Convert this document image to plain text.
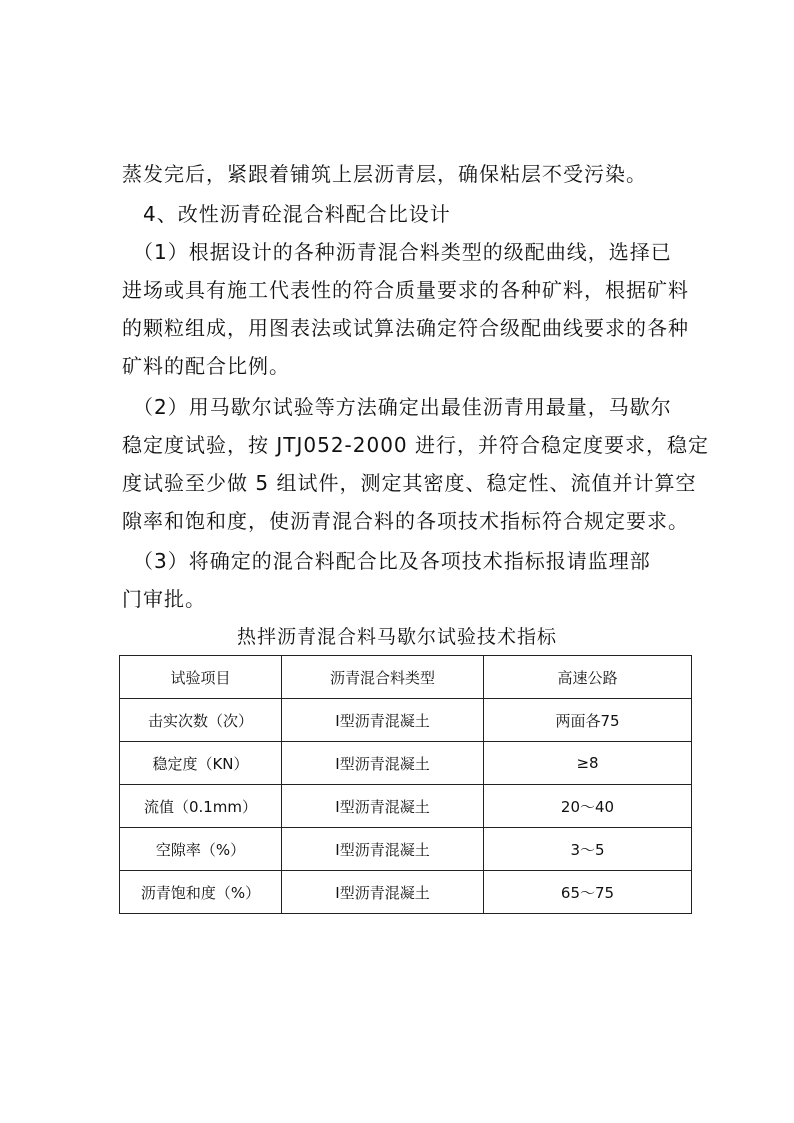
蒸发完后，紧跟着铺筑上层沥青层，确保粘层不受污染。
　4、改性沥青砼混合料配合比设计
　（1）根据设计的各种沥青混合料类型的级配曲线，选择已
进场或具有施工代表性的符合质量要求的各种矿料，根据矿料
的颗粒组成，用图表法或试算法确定符合级配曲线要求的各种
矿料的配合比例。
　（2）用马歇尔试验等方法确定出最佳沥青用最量，马歇尔
稳定度试验，按 JTJ052-2000 进行，并符合稳定度要求，稳定
度试验至少做 5 组试件，测定其密度、稳定性、流值并计算空
隙率和饱和度，使沥青混合料的各项技术指标符合规定要求。
　（3）将确定的混合料配合比及各项技术指标报请监理部
门审批。
热拌沥青混合料马歇尔试验技术指标
试验项目	沥青混合料类型	高速公路
击实次数（次）	Ⅰ型沥青混凝土	两面各75
稳定度（KN）	Ⅰ型沥青混凝土	≥8
流值（0.1mm）	Ⅰ型沥青混凝土	20～40
空隙率（%）	Ⅰ型沥青混凝土	3～5
沥青饱和度（%）	Ⅰ型沥青混凝土	65～75
